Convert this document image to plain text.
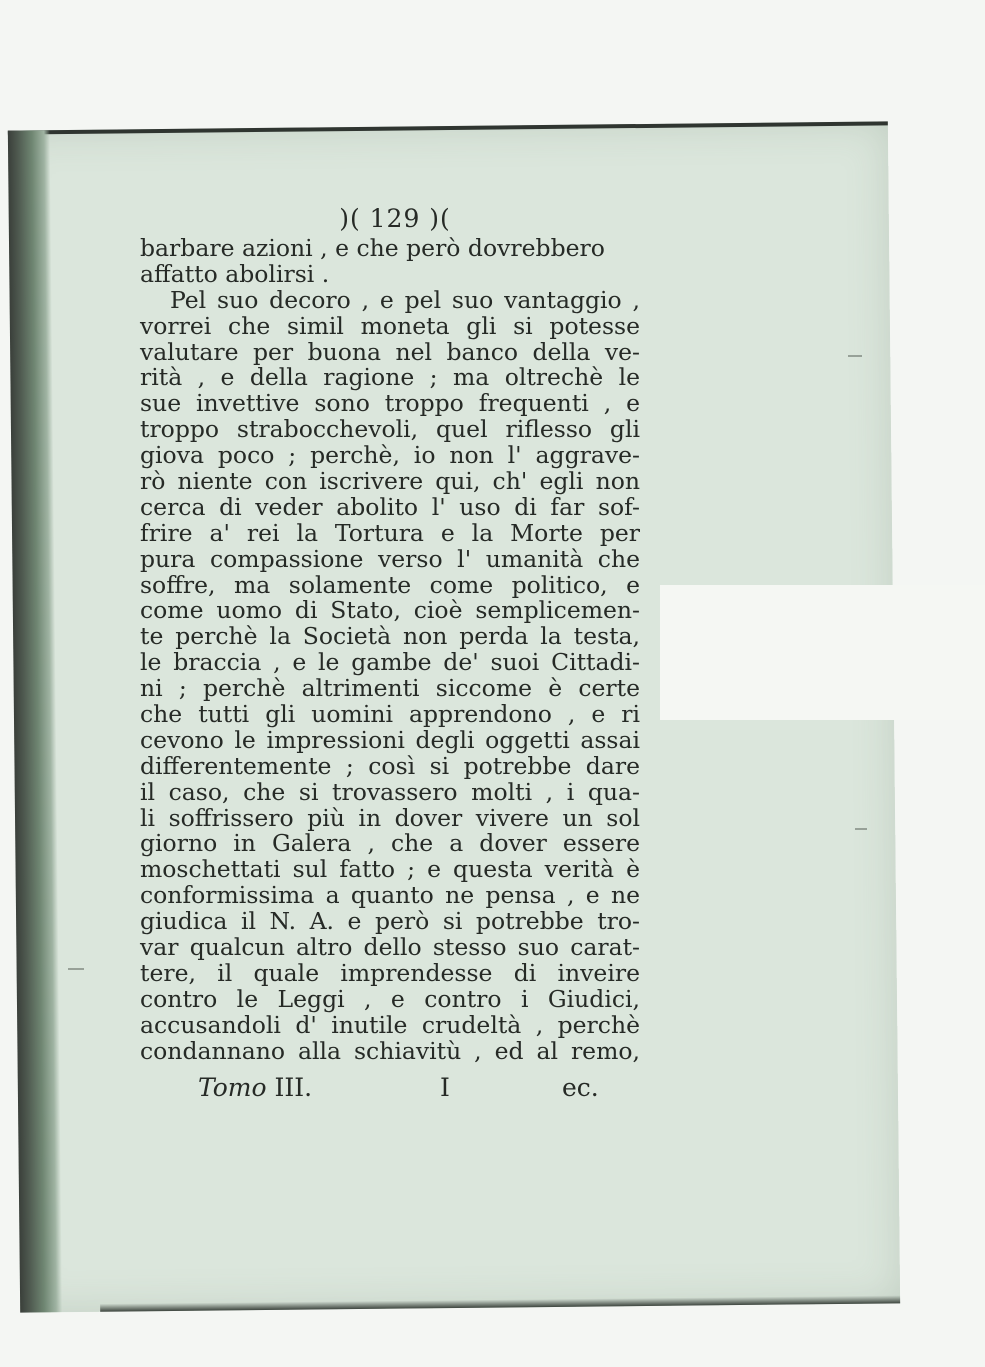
)( 129 )(
barbare azioni , e che però dovrebbero
affatto abolirsi .
Pel suo decoro , e pel suo vantaggio ,
vorrei che simil moneta gli si potesse
valutare per buona nel banco della ve-
rità , e della ragione ; ma oltrechè le
sue invettive sono troppo frequenti , e
troppo strabocchevoli, quel riflesso gli
giova poco ; perchè, io non l' aggrave-
rò niente con iscrivere qui, ch' egli non
cerca di veder abolito l' uso di far sof-
frire a' rei la Tortura e la Morte per
pura compassione verso l' umanità che
soffre, ma solamente come politico, e
come uomo di Stato, cioè semplicemen-
te perchè la Società non perda la testa,
le braccia , e le gambe de' suoi Cittadi-
ni ; perchè altrimenti siccome è certe
che tutti gli uomini apprendono , e ri
cevono le impressioni degli oggetti assai
differentemente ; così si potrebbe dare
il caso, che si trovassero molti , i qua-
li soffrissero più in dover vivere un sol
giorno in Galera , che a dover essere
moschettati sul fatto ; e questa verità è
conformissima a quanto ne pensa , e ne
giudica il N. A. e però si potrebbe tro-
var qualcun altro dello stesso suo carat-
tere, il quale imprendesse di inveire
contro le Leggi , e contro i Giudici,
accusandoli d' inutile crudeltà , perchè
condannano alla schiavitù , ed al remo,
Tomo III.	I	ec.
